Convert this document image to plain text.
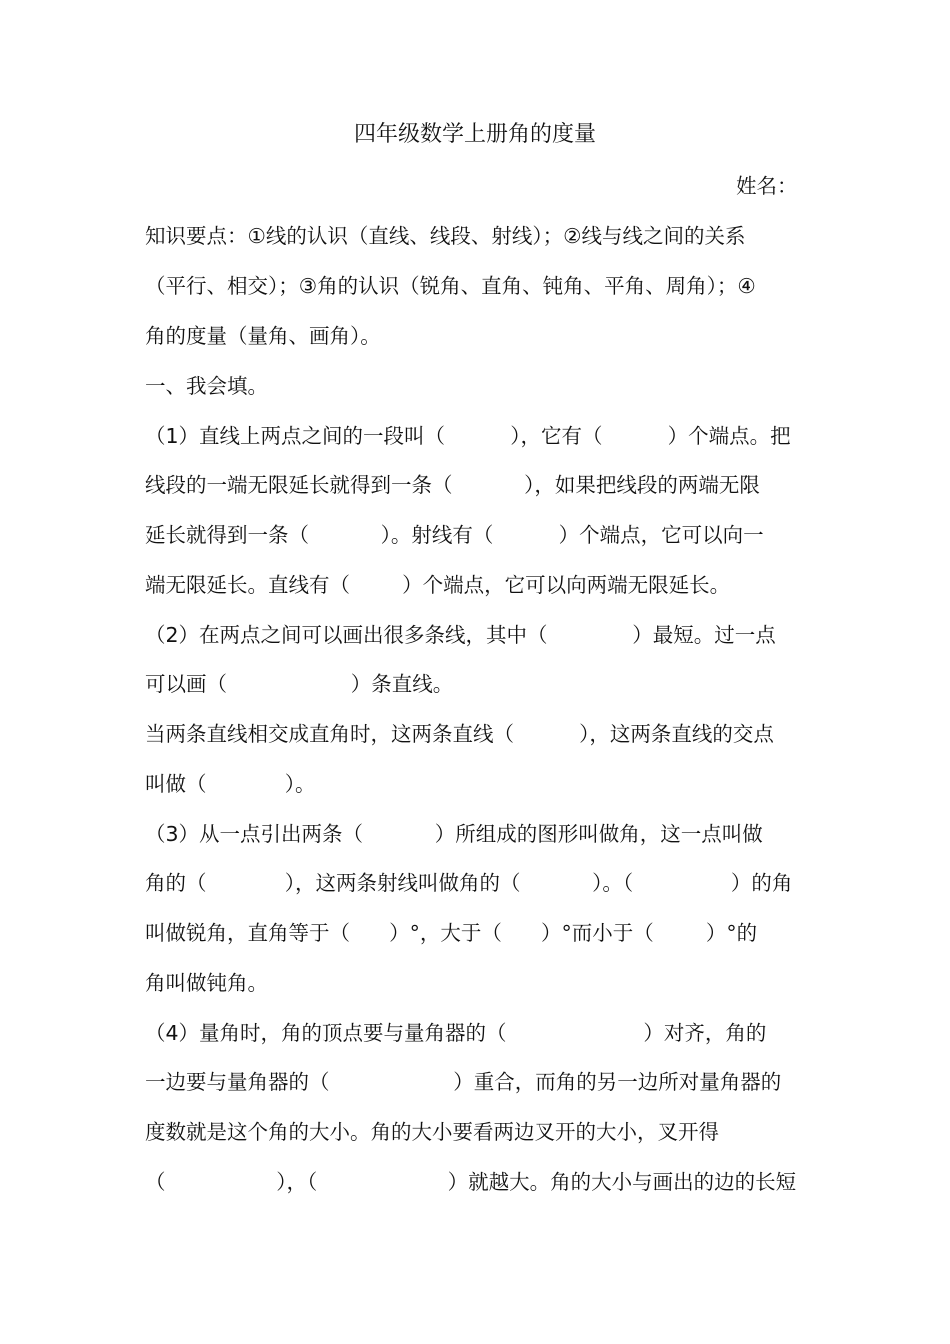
四年级数学上册角的度量
姓名：
知识要点：①线的认识（直线、线段、射线）；②线与线之间的关系
（平行、相交）；③角的认识（锐角、直角、钝角、平角、周角）；④
角的度量（量角、画角）。
一、我会填。
（1）直线上两点之间的一段叫（          ），它有（          ）个端点。把
线段的一端无限延长就得到一条（           ），如果把线段的两端无限
延长就得到一条（           ）。射线有（          ）个端点，它可以向一
端无限延长。直线有（        ）个端点，它可以向两端无限延长。
（2）在两点之间可以画出很多条线，其中（             ）最短。过一点
可以画（                   ）条直线。
当两条直线相交成直角时，这两条直线（          ），这两条直线的交点
叫做（            ）。
（3）从一点引出两条（           ）所组成的图形叫做角，这一点叫做
角的（            ），这两条射线叫做角的（           ）。（               ）的角
叫做锐角，直角等于（      ）°，大于（      ）°而小于（        ）°的
角叫做钝角。
（4）量角时，角的顶点要与量角器的（                     ）对齐，角的
一边要与量角器的（                   ）重合，而角的另一边所对量角器的
度数就是这个角的大小。角的大小要看两边叉开的大小，叉开得
（                 ），（                    ）就越大。角的大小与画出的边的长短
